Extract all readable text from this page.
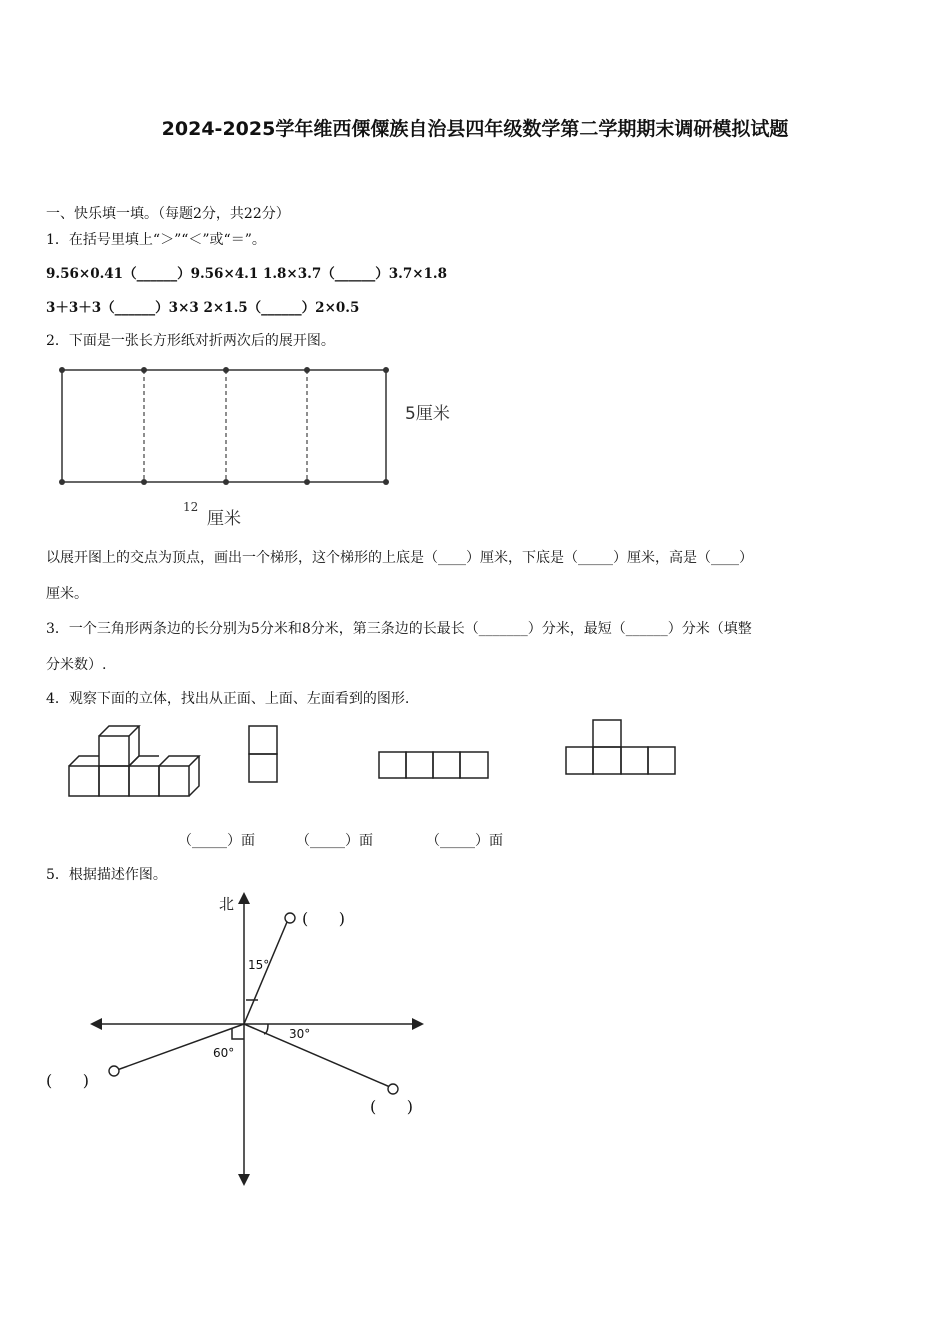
2024-2025学年维西傈僳族自治县四年级数学第二学期期末调研模拟试题
一、快乐填一填。（每题2分，共22分）
1．在括号里填上“＞”“＜”或“＝”。
9.56×0.41（______）9.56×4.1 1.8×3.7（______）3.7×1.8
3＋3＋3（______）3×3 2×1.5（______）2×0.5
2．下面是一张长方形纸对折两次后的展开图。
5厘米
12
厘米
以展开图上的交点为顶点，画出一个梯形，这个梯形的上底是（____）厘米，下底是（_____）厘米，高是（____）
厘米。
3．一个三角形两条边的长分别为5分米和8分米，第三条边的长最长（_______）分米，最短（______）分米（填整
分米数）.
4．观察下面的立体，找出从正面、上面、左面看到的图形.
（_____）面	（_____）面	（_____）面
5．根据描述作图。
北
15°
30°
60°
(      )
(      )
(      )
